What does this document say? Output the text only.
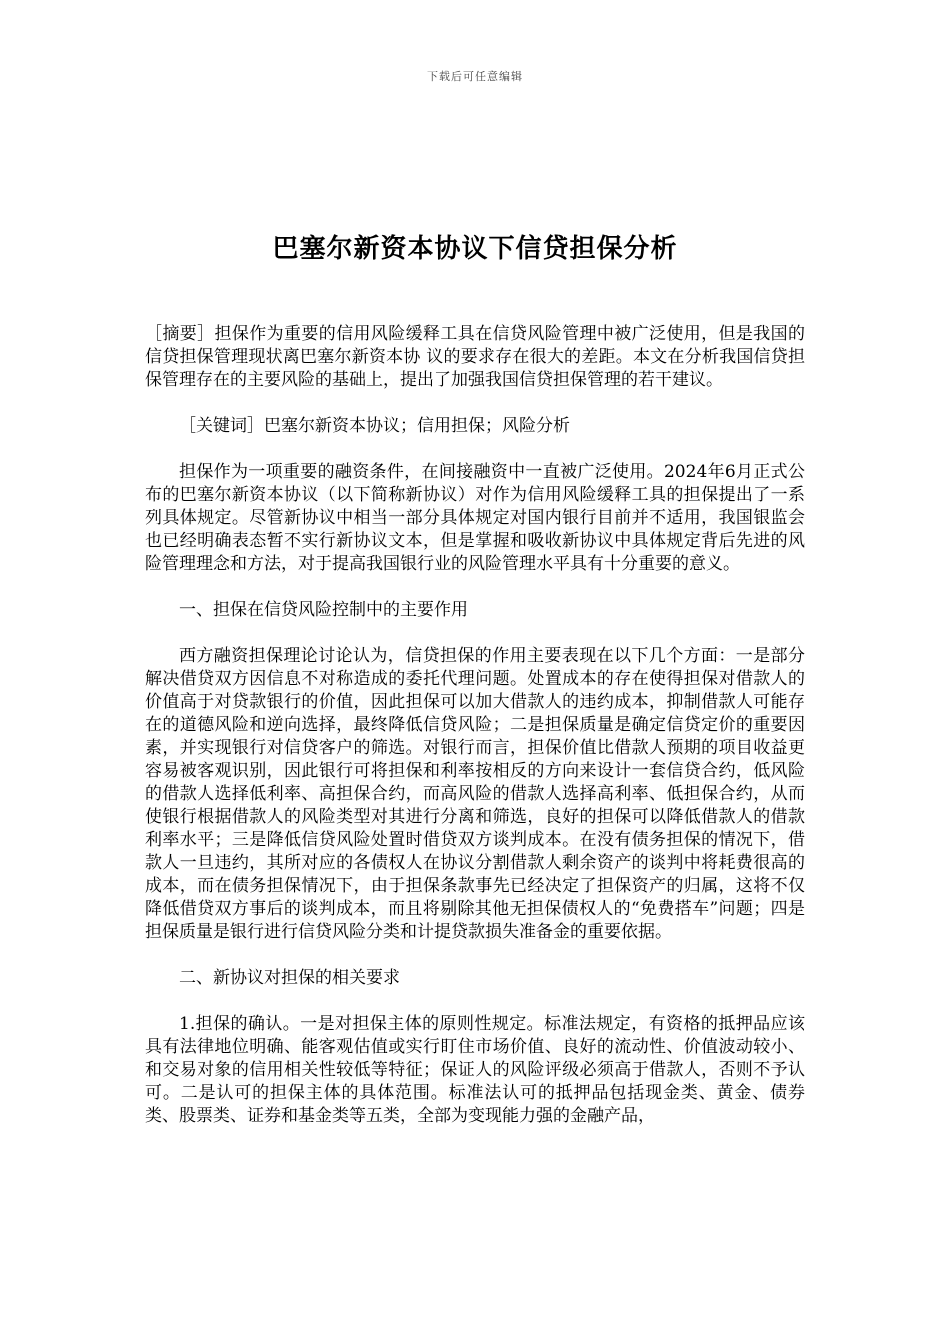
下载后可任意编辑
巴塞尔新资本协议下信贷担保分析

［摘要］担保作为重要的信用风险缓释工具在信贷风险管理中被广泛使用，但是我国的信贷担保管理现状离巴塞尔新资本协 议的要求存在很大的差距。本文在分析我国信贷担保管理存在的主要风险的基础上，提出了加强我国信贷担保管理的若干建议。

［关键词］巴塞尔新资本协议；信用担保；风险分析

担保作为一项重要的融资条件，在间接融资中一直被广泛使用。2024年6月正式公布的巴塞尔新资本协议（以下简称新协议）对作为信用风险缓释工具的担保提出了一系列具体规定。尽管新协议中相当一部分具体规定对国内银行目前并不适用，我国银监会也已经明确表态暂不实行新协议文本，但是掌握和吸收新协议中具体规定背后先进的风险管理理念和方法，对于提高我国银行业的风险管理水平具有十分重要的意义。

一、担保在信贷风险控制中的主要作用

西方融资担保理论讨论认为，信贷担保的作用主要表现在以下几个方面：一是部分解决借贷双方因信息不对称造成的委托代理问题。处置成本的存在使得担保对借款人的价值高于对贷款银行的价值，因此担保可以加大借款人的违约成本，抑制借款人可能存在的道德风险和逆向选择，最终降低信贷风险；二是担保质量是确定信贷定价的重要因素，并实现银行对信贷客户的筛选。对银行而言，担保价值比借款人预期的项目收益更容易被客观识别，因此银行可将担保和利率按相反的方向来设计一套信贷合约，低风险的借款人选择低利率、高担保合约，而高风险的借款人选择高利率、低担保合约，从而使银行根据借款人的风险类型对其进行分离和筛选，良好的担保可以降低借款人的借款利率水平；三是降低信贷风险处置时借贷双方谈判成本。在没有债务担保的情况下，借款人一旦违约，其所对应的各债权人在协议分割借款人剩余资产的谈判中将耗费很高的成本，而在债务担保情况下，由于担保条款事先已经决定了担保资产的归属，这将不仅降低借贷双方事后的谈判成本，而且将剔除其他无担保债权人的“免费搭车”问题；四是担保质量是银行进行信贷风险分类和计提贷款损失准备金的重要依据。

二、新协议对担保的相关要求

1.担保的确认。一是对担保主体的原则性规定。标准法规定，有资格的抵押品应该具有法律地位明确、能客观估值或实行盯住市场价值、良好的流动性、价值波动较小、和交易对象的信用相关性较低等特征；保证人的风险评级必须高于借款人，否则不予认可。二是认可的担保主体的具体范围。标准法认可的抵押品包括现金类、黄金、债券类、股票类、证券和基金类等五类，全部为变现能力强的金融产品，
